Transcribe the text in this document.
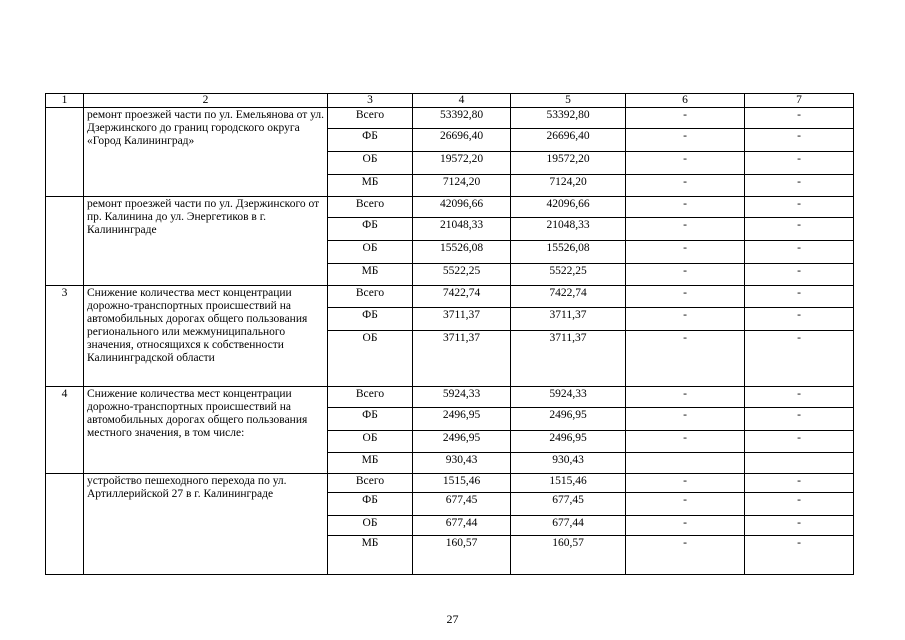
1	2	3	4	5	6	7
	ремонт проезжей части по ул. Емельянова от ул. Дзержинского до границ городского округа «Город Калининград»	Всего	53392,80	53392,80	-	-
		ФБ	26696,40	26696,40	-	-
		ОБ	19572,20	19572,20	-	-
		МБ	7124,20	7124,20	-	-
	ремонт проезжей части по ул. Дзержинского от пр. Калинина до ул. Энергетиков в г. Калининграде	Всего	42096,66	42096,66	-	-
		ФБ	21048,33	21048,33	-	-
		ОБ	15526,08	15526,08	-	-
		МБ	5522,25	5522,25	-	-
3	Снижение количества мест концентрации дорожно-транспортных происшествий на автомобильных дорогах общего пользования регионального или межмуниципального значения, относящихся к собственности Калининградской области	Всего	7422,74	7422,74	-	-
		ФБ	3711,37	3711,37	-	-
		ОБ	3711,37	3711,37	-	-
4	Снижение количества мест концентрации дорожно-транспортных происшествий на автомобильных дорогах общего пользования местного значения, в том числе:	Всего	5924,33	5924,33	-	-
		ФБ	2496,95	2496,95	-	-
		ОБ	2496,95	2496,95	-	-
		МБ	930,43	930,43		
	устройство пешеходного перехода по ул. Артиллерийской 27 в г. Калининграде	Всего	1515,46	1515,46	-	-
		ФБ	677,45	677,45	-	-
		ОБ	677,44	677,44	-	-
		МБ	160,57	160,57	-	-
27
